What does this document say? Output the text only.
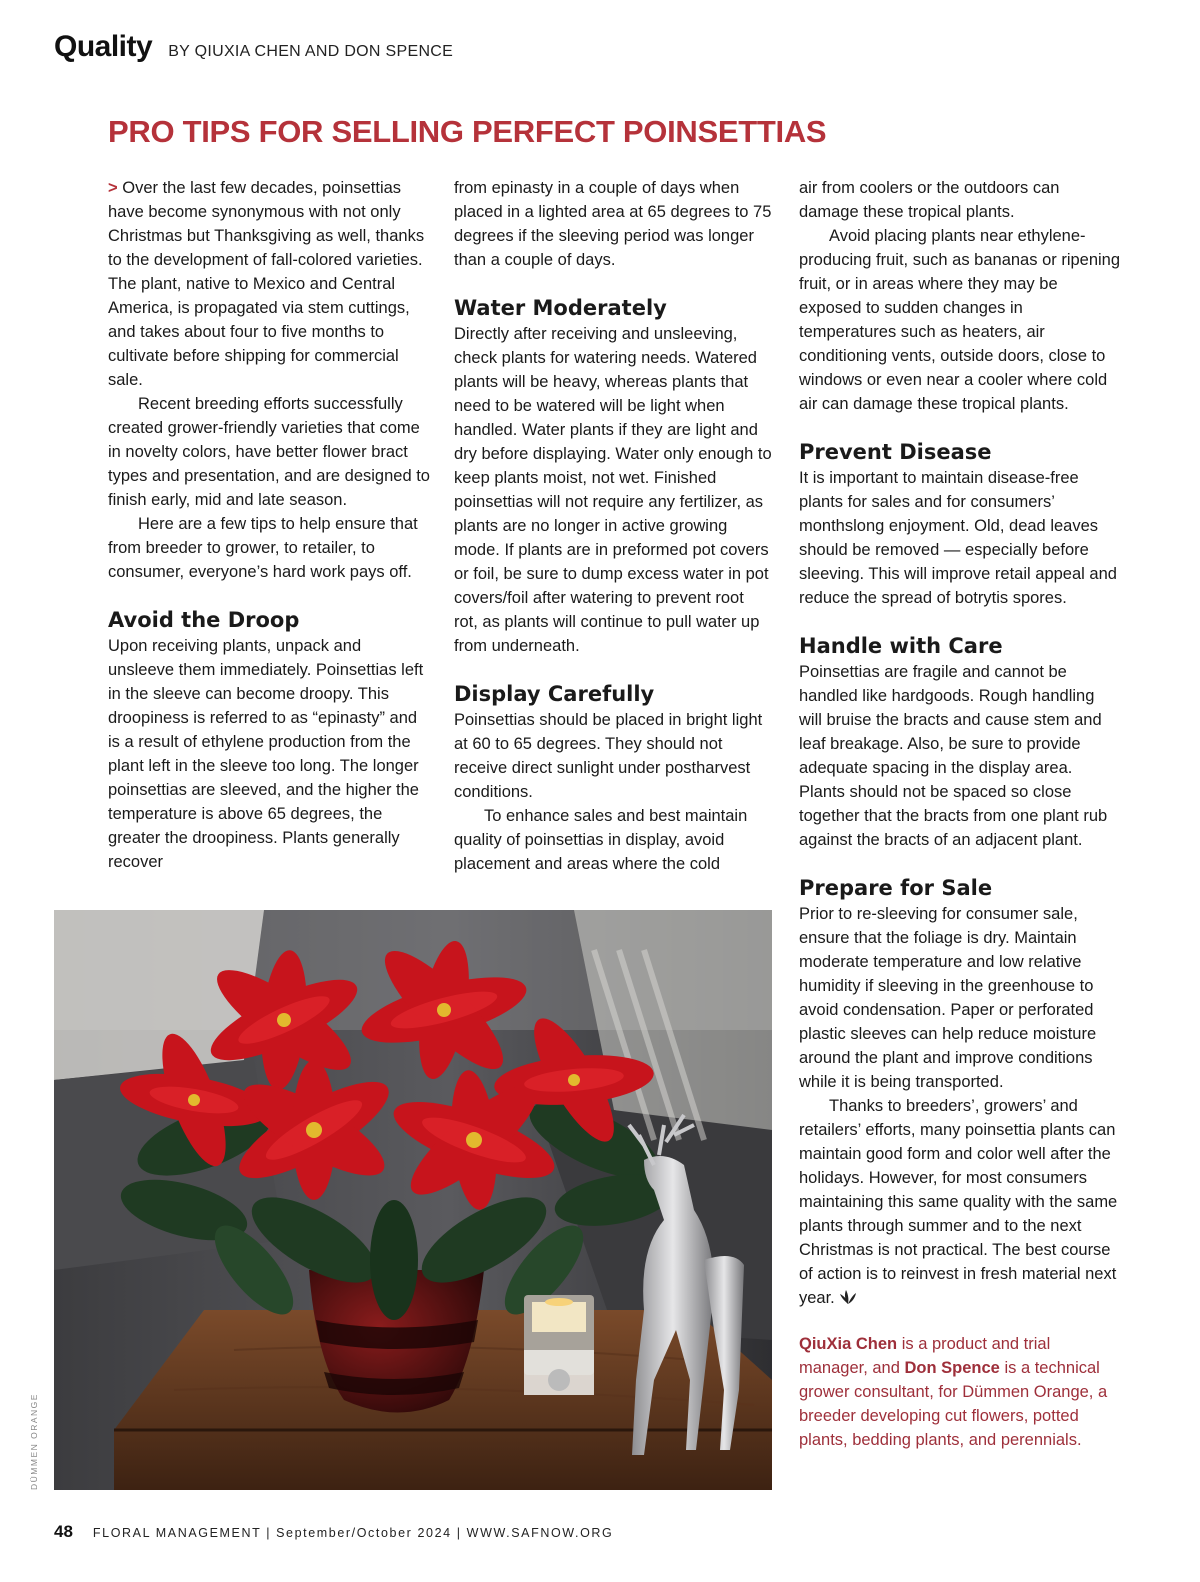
Quality BY QIUXIA CHEN AND DON SPENCE
PRO TIPS FOR SELLING PERFECT POINSETTIAS

> Over the last few decades, poinsettias have become synonymous with not only Christmas but Thanksgiving as well, thanks to the development of fall-colored varieties. The plant, native to Mexico and Central America, is propagated via stem cuttings, and takes about four to five months to cultivate before shipping for commercial sale.

Recent breeding efforts successfully created grower-friendly varieties that come in novelty colors, have better flower bract types and presentation, and are designed to finish early, mid and late season.

Here are a few tips to help ensure that from breeder to grower, to retailer, to consumer, everyone’s hard work pays off.

Avoid the Droop

Upon receiving plants, unpack and unsleeve them immediately. Poinsettias left in the sleeve can become droopy. This droopiness is referred to as “epinasty” and is a result of ethylene production from the plant left in the sleeve too long. The longer poinsettias are sleeved, and the higher the temperature is above 65 degrees, the greater the droopiness. Plants generally recover

from epinasty in a couple of days when placed in a lighted area at 65 degrees to 75 degrees if the sleeving period was longer than a couple of days.

Water Moderately

Directly after receiving and unsleeving, check plants for watering needs. Watered plants will be heavy, whereas plants that need to be watered will be light when handled. Water plants if they are light and dry before displaying. Water only enough to keep plants moist, not wet. Finished poinsettias will not require any fertilizer, as plants are no longer in active growing mode. If plants are in preformed pot covers or foil, be sure to dump excess water in pot covers/foil after watering to prevent root rot, as plants will continue to pull water up from underneath.

Display Carefully

Poinsettias should be placed in bright light at 60 to 65 degrees. They should not receive direct sunlight under postharvest conditions.

To enhance sales and best maintain quality of poinsettias in display, avoid placement and areas where the cold

air from coolers or the outdoors can damage these tropical plants.

Avoid placing plants near ethylene-producing fruit, such as bananas or ripening fruit, or in areas where they may be exposed to sudden changes in temperatures such as heaters, air conditioning vents, outside doors, close to windows or even near a cooler where cold air can damage these tropical plants.

Prevent Disease

It is important to maintain disease-free plants for sales and for consumers’ monthslong enjoyment. Old, dead leaves should be removed — especially before sleeving. This will improve retail appeal and reduce the spread of botrytis spores.

Handle with Care

Poinsettias are fragile and cannot be handled like hardgoods. Rough handling will bruise the bracts and cause stem and leaf breakage. Also, be sure to provide adequate spacing in the display area. Plants should not be spaced so close together that the bracts from one plant rub against the bracts of an adjacent plant.

Prepare for Sale

Prior to re-sleeving for consumer sale, ensure that the foliage is dry. Maintain moderate temperature and low relative humidity if sleeving in the greenhouse to avoid condensation. Paper or perforated plastic sleeves can help reduce moisture around the plant and improve conditions while it is being transported.

Thanks to breeders’, growers’ and retailers’ efforts, many poinsettia plants can maintain good form and color well after the holidays. However, for most consumers maintaining this same quality with the same plants through summer and to the next Christmas is not practical. The best course of action is to reinvest in fresh material next year.

QiuXia Chen is a product and trial manager, and Don Spence is a technical grower consultant, for Dümmen Orange, a breeder developing cut flowers, potted plants, bedding plants, and perennials.

DÜMMEN ORANGE
48 FLORAL MANAGEMENT | September/October 2024 | WWW.SAFNOW.ORG
